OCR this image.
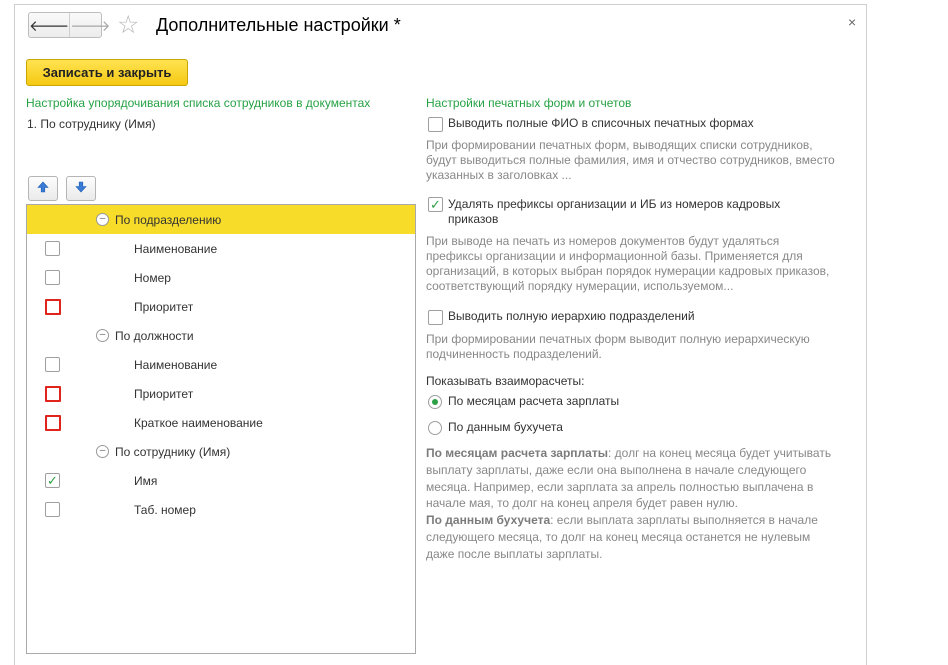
🡐 🡒 ☆ Дополнительные настройки *	×
Записать и закрыть
Настройка упорядочивания списка сотрудников в документах
1. По сотруднику (Имя)
– По подразделению
Наименование
Номер
Приоритет
– По должности
Наименование
Приоритет
Краткое наименование
– По сотруднику (Имя)
✓	Имя
Таб. номер
Настройки печатных форм и отчетов
Выводить полные ФИО в списочных печатных формах
При формировании печатных форм, выводящих списки сотрудников, будут выводиться полные фамилия, имя и отчество сотрудников, вместо указанных в заголовках ...
✓ Удалять префиксы организации и ИБ из номеров кадровых приказов
При выводе на печать из номеров документов будут удаляться префиксы организации и информационной базы. Применяется для организаций, в которых выбран порядок нумерации кадровых приказов, соответствующий порядку нумерации, используемом...
Выводить полную иерархию подразделений
При формировании печатных форм выводит полную иерархическую подчиненность подразделений.
Показывать взаиморасчеты:
По месяцам расчета зарплаты
По данным бухучета
По месяцам расчета зарплаты: долг на конец месяца будет учитывать выплату зарплаты, даже если она выполнена в начале следующего месяца. Например, если зарплата за апрель полностью выплачена в начале мая, то долг на конец апреля будет равен нулю.
По данным бухучета: если выплата зарплаты выполняется в начале следующего месяца, то долг на конец месяца останется не нулевым даже после выплаты зарплаты.
